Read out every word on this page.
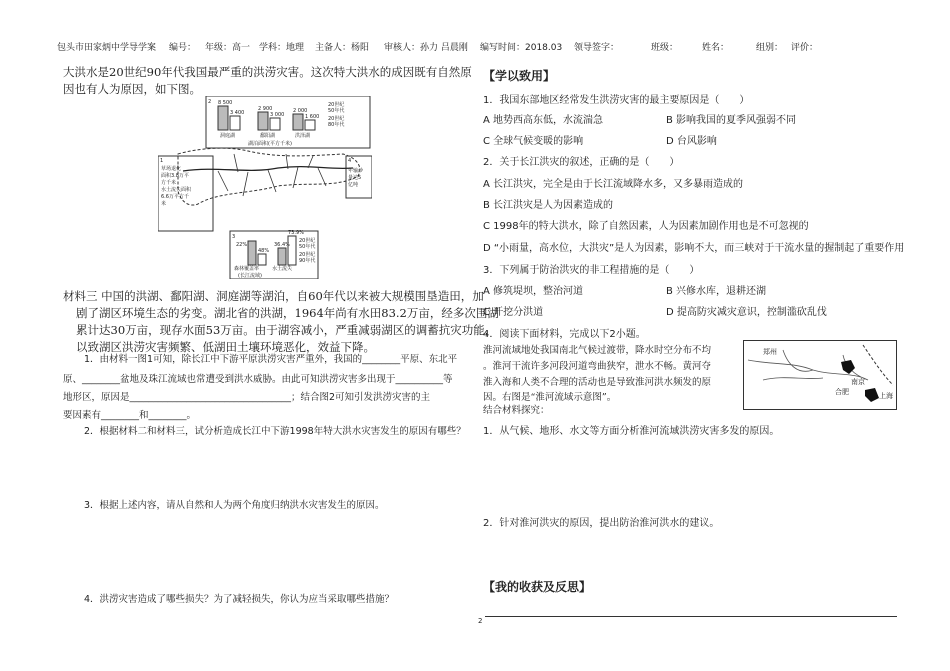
包头市田家炳中学导学案 编号： 年级：高一 学科：地理 主备人：杨阳 审核人：孙力 吕晨刚 编写时间：2018.03 领导签字：	班级：	姓名：	组别： 评价：
大洪水是20世纪90年代我国最严重的洪涝灾害。这次特大洪水的成因既有自然原
因也有人为原因，如下图。
2
1	4
3
草场退化
面积3.8万平
方千米
水土流失面积
6.6万平方千
米
8 500
3 400
2 900
3 000
2 000
1 600
洞庭湖	鄱阳湖	洪泽湖
20世纪
50年代
20世纪
80年代
湖泊面积(平方千米)
年输沙
量达5
亿吨
73.9%
36.4%
22%
48%
森林覆盖率	水土流失
(长江流域)
20世纪
50年代
20世纪
90年代
材料三 中国的洪湖、鄱阳湖、洞庭湖等湖泊，自60年代以来被大规模围垦造田，加
剧了湖区环境生态的劣变。湖北省的洪湖，1964年尚有水田83.2万亩，经多次围湖
累计达30万亩，现存水面53万亩。由于湖容减小，严重减弱湖区的调蓄抗灾功能，
以致湖区洪涝灾害频繁、低湖田土壤环境恶化，效益下降。
1．由材料一图1可知，除长江中下游平原洪涝灾害严重外，我国的________平原、东北平
原、________盆地及珠江流域也常遭受到洪水威胁。由此可知洪涝灾害多出现于__________等
地形区，原因是__________________________________；结合图2可知引发洪涝灾害的主
要因素有________和________。
2．根据材料二和材料三，试分析造成长江中下游1998年特大洪水灾害发生的原因有哪些？
3．根据上述内容，请从自然和人为两个角度归纳洪水灾害发生的原因。
4．洪涝灾害造成了哪些损失？为了减轻损失，你认为应当采取哪些措施？
【学以致用】
1．我国东部地区经常发生洪涝灾害的最主要原因是（　　）
A 地势西高东低，水流湍急	B 影响我国的夏季风强弱不同
C 全球气候变暖的影响	D 台风影响
2．关于长江洪灾的叙述，正确的是（　　）
A 长江洪灾，完全是由于长江流域降水多，又多暴雨造成的
B 长江洪灾是人为因素造成的
C 1998年的特大洪水，除了自然因素，人为因素加剧作用也是不可忽视的
D “小雨量，高水位，大洪灾”是人为因素，影响不大，而三峡对于干流水量的握制起了重要作用
3．下列属于防治洪灾的非工程措施的是（　　）
A 修筑堤坝，整治河道	B 兴修水库，退耕还湖
C 开挖分洪道	D 提高防灾减灾意识，控制滥砍乱伐
4．阅读下面材料，完成以下2小题。
淮河流域地处我国南北气候过渡带，降水时空分布不均
。淮河干流许多河段河道弯曲狭窄，泄水不畅。黄河夺
淮入海和人类不合理的活动也是导致淮河洪水频发的原
因。右图是“淮河流域示意图”。
结合材料探究：
郑州
合肥
南京
上海
1．从气候、地形、水文等方面分析淮河流域洪涝灾害多发的原因。
2．针对淮河洪灾的原因，提出防治淮河洪水的建议。
【我的收获及反思】
2
